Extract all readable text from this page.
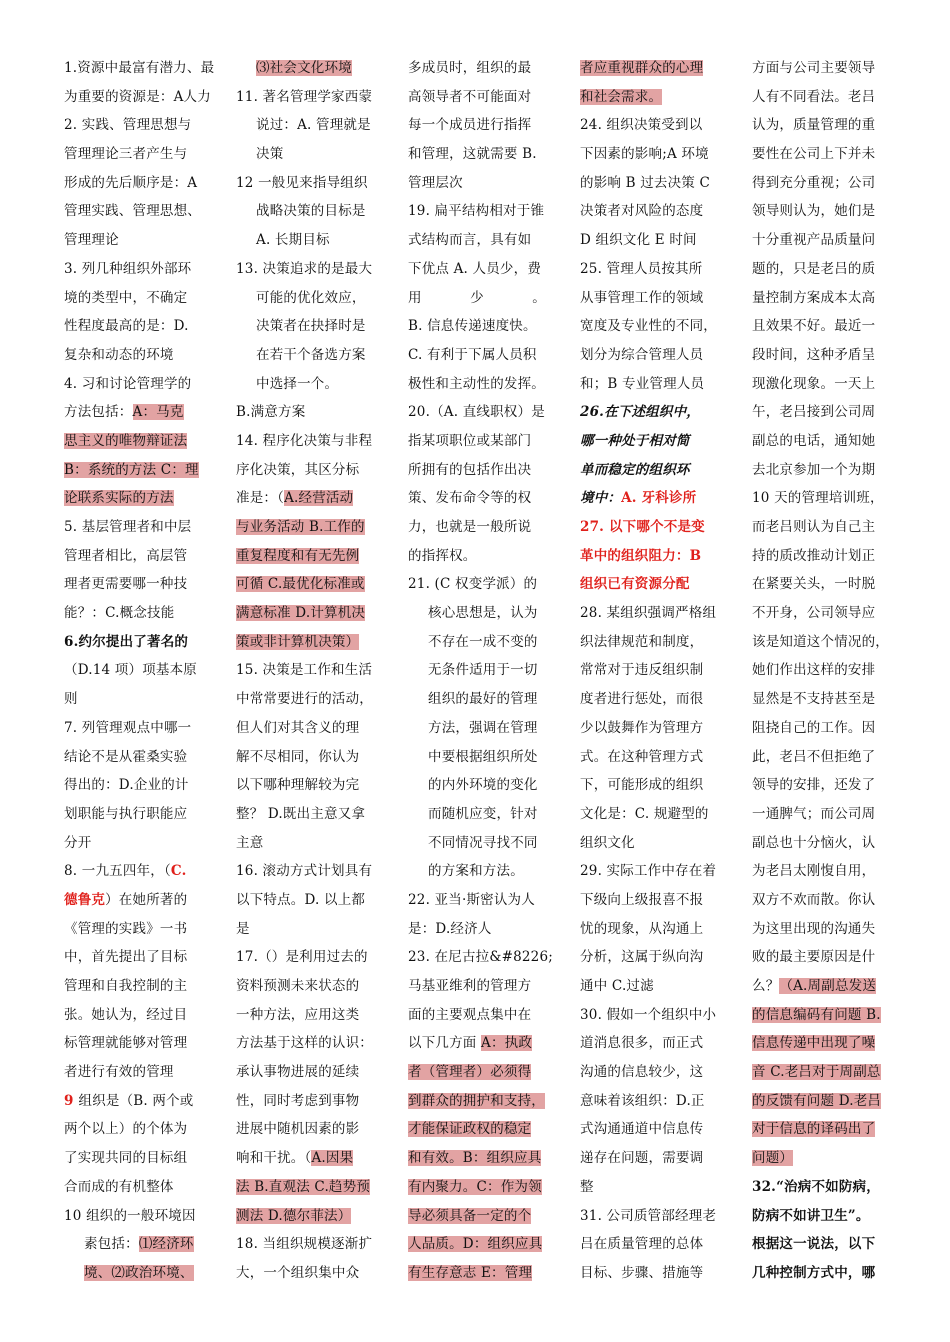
1.资源中最富有潜力、最
为重要的资源是：A人力
2. 实践、管理思想与
管理理论三者产生与
形成的先后顺序是：A
管理实践、管理思想、
管理理论
3. 列几种组织外部环
境的类型中，不确定
性程度最高的是：D.
复杂和动态的环境
4. 习和讨论管理学的
方法包括：A：马克
思主义的唯物辩证法
B：系统的方法 C：理
论联系实际的方法
5. 基层管理者和中层
管理者相比，高层管
理者更需要哪一种技
能？：C.概念技能
6.约尔提出了著名的
（D.14 项）项基本原
则
7. 列管理观点中哪一
结论不是从霍桑实验
得出的：D.企业的计
划职能与执行职能应
分开
8. 一九五四年，（C.
德鲁克）在她所著的
《管理的实践》一书
中，首先提出了目标
管理和自我控制的主
张。她认为，经过目
标管理就能够对管理
者进行有效的管理
9 组织是（B. 两个或
两个以上）的个体为
了实现共同的目标组
合而成的有机整体
10 组织的一般环境因
素包括：⑴经济环
境、⑵政治环境、
⑶社会文化环境
11. 著名管理学家西蒙
说过：A. 管理就是
决策
12 一般见来指导组织
战略决策的目标是
A. 长期目标
13. 决策追求的是最大
可能的优化效应，
决策者在抉择时是
在若干个备选方案
中选择一个。
B.满意方案
14. 程序化决策与非程
序化决策，其区分标
准是：（A.经营活动
与业务活动 B.工作的
重复程度和有无先例
可循 C.最优化标准或
满意标准 D.计算机决
策或非计算机决策）
15. 决策是工作和生活
中常常要进行的活动，
但人们对其含义的理
解不尽相同，你认为
以下哪种理解较为完
整？ D.既出主意又拿
主意
16. 滚动方式计划具有
以下特点。D. 以上都
是
17.（）是利用过去的
资料预测未来状态的
一种方法，应用这类
方法基于这样的认识：
承认事物进展的延续
性，同时考虑到事物
进展中随机因素的影
响和干扰。（A.因果
法 B.直观法 C.趋势预
测法 D.德尔菲法）
18. 当组织规模逐渐扩
大，一个组织集中众
多成员时，组织的最
高领导者不可能面对
每一个成员进行指挥
和管理，这就需要 B.
管理层次
19. 扁平结构相对于锥
式结构而言，具有如
下优点 A. 人员少，费
用	少	。
B. 信息传递速度快。
C. 有利于下属人员积
极性和主动性的发挥。
20.（A. 直线职权）是
指某项职位或某部门
所拥有的包括作出决
策、发布命令等的权
力，也就是一般所说
的指挥权。
21. (C 权变学派）的
核心思想是，认为
不存在一成不变的
无条件适用于一切
组织的最好的管理
方法，强调在管理
中要根据组织所处
的内外环境的变化
而随机应变，针对
不同情况寻找不同
的方案和方法。
22. 亚当·斯密认为人
是：D.经济人
23. 在尼古拉&#8226;
马基亚维利的管理方
面的主要观点集中在
以下几方面 A：执政
者（管理者）必须得
到群众的拥护和支持，
才能保证政权的稳定
和有效。B：组织应具
有内聚力。C：作为领
导必须具备一定的个
人品质。D：组织应具
有生存意志 E：管理
者应重视群众的心理
和社会需求。
24. 组织决策受到以
下因素的影响;A 环境
的影响 B 过去决策 C
决策者对风险的态度
D 组织文化 E 时间
25. 管理人员按其所
从事管理工作的领域
宽度及专业性的不同，
划分为综合管理人员
和；B 专业管理人员
26.在下述组织中，
哪一种处于相对简
单而稳定的组织环
境中：A. 牙科诊所
27. 以下哪个不是变
革中的组织阻力：B
组织已有资源分配
28. 某组织强调严格组
织法律规范和制度，
常常对于违反组织制
度者进行惩处，而很
少以鼓舞作为管理方
式。在这种管理方式
下，可能形成的组织
文化是：C. 规避型的
组织文化
29. 实际工作中存在着
下级向上级报喜不报
忧的现象，从沟通上
分析，这属于纵向沟
通中 C.过滤
30. 假如一个组织中小
道消息很多，而正式
沟通的信息较少，这
意味着该组织：D.正
式沟通通道中信息传
递存在问题，需要调
整
31. 公司质管部经理老
吕在质量管理的总体
目标、步骤、措施等
方面与公司主要领导
人有不同看法。老吕
认为，质量管理的重
要性在公司上下并未
得到充分重视；公司
领导则认为，她们是
十分重视产品质量问
题的，只是老吕的质
量控制方案成本太高
且效果不好。最近一
段时间，这种矛盾呈
现激化现象。一天上
午，老吕接到公司周
副总的电话，通知她
去北京参加一个为期
10 天的管理培训班，
而老吕则认为自己主
持的质改推动计划正
在紧要关头，一时脱
不开身，公司领导应
该是知道这个情况的，
她们作出这样的安排
显然是不支持甚至是
阻挠自己的工作。因
此，老吕不但拒绝了
领导的安排，还发了
一通脾气；而公司周
副总也十分恼火，认
为老吕太刚愎自用，
双方不欢而散。你认
为这里出现的沟通失
败的最主要原因是什
么？（A.周副总发送
的信息编码有问题 B.
信息传递中出现了噪
音 C.老吕对于周副总
的反馈有问题 D.老吕
对于信息的译码出了
问题）
32.“治病不如防病，
防病不如讲卫生”。
根据这一说法，以下
几种控制方式中，哪
